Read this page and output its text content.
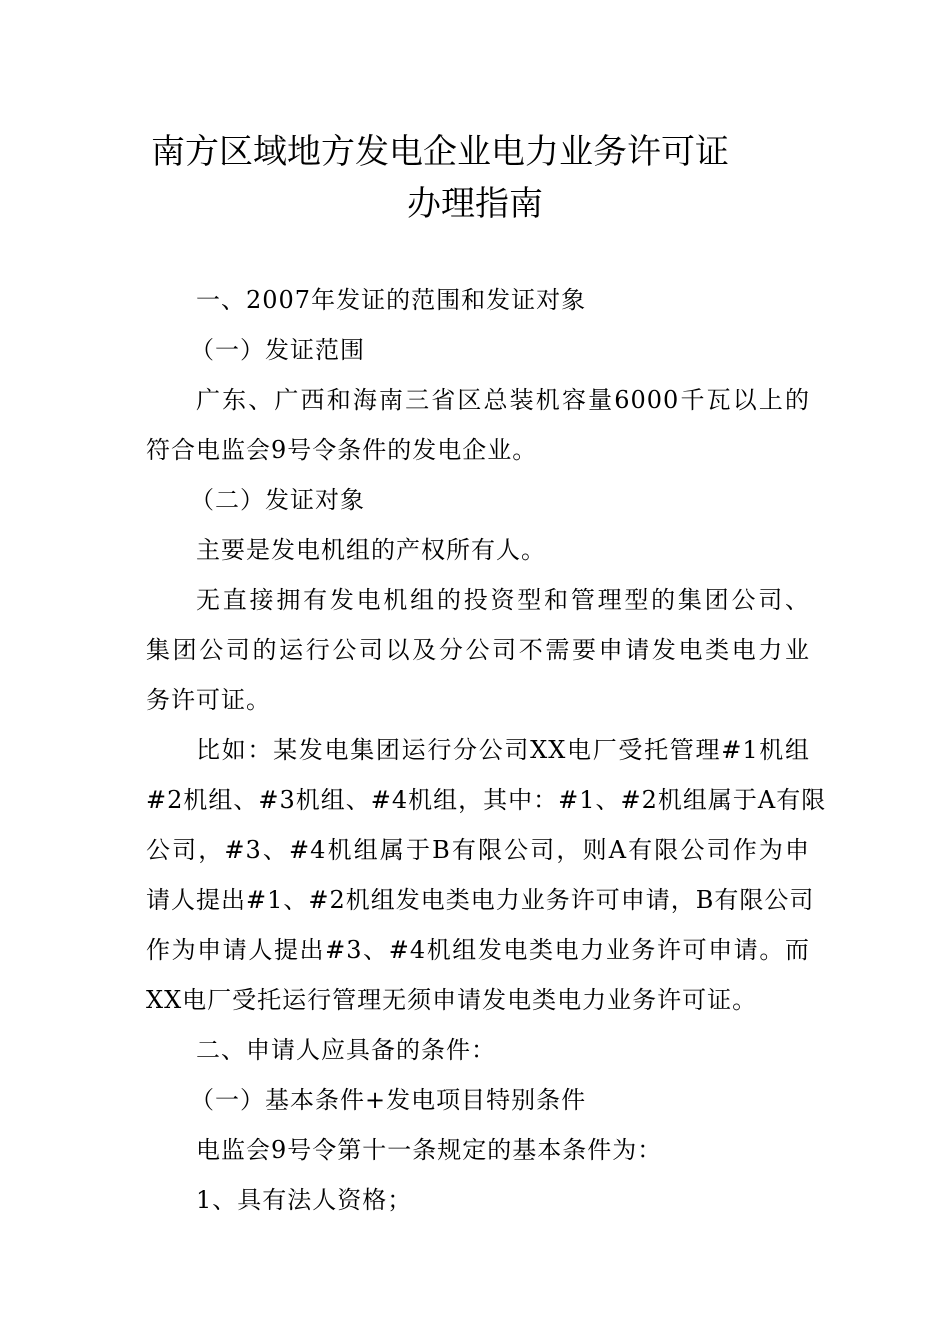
南方区域地方发电企业电力业务许可证
办理指南
一、2007年发证的范围和发证对象
（一）发证范围
广东、广西和海南三省区总装机容量6000千瓦以上的
符合电监会9号令条件的发电企业。
（二）发证对象
主要是发电机组的产权所有人。
无直接拥有发电机组的投资型和管理型的集团公司、
集团公司的运行公司以及分公司不需要申请发电类电力业
务许可证。
比如：某发电集团运行分公司XX电厂受托管理#1机组
#2机组、#3机组、#4机组，其中：#1、#2机组属于A有限
公司，#3、#4机组属于B有限公司，则A有限公司作为申
请人提出#1、#2机组发电类电力业务许可申请，B有限公司
作为申请人提出#3、#4机组发电类电力业务许可申请。而
XX电厂受托运行管理无须申请发电类电力业务许可证。
二、申请人应具备的条件：
（一）基本条件+发电项目特别条件
电监会9号令第十一条规定的基本条件为：
1、具有法人资格；
